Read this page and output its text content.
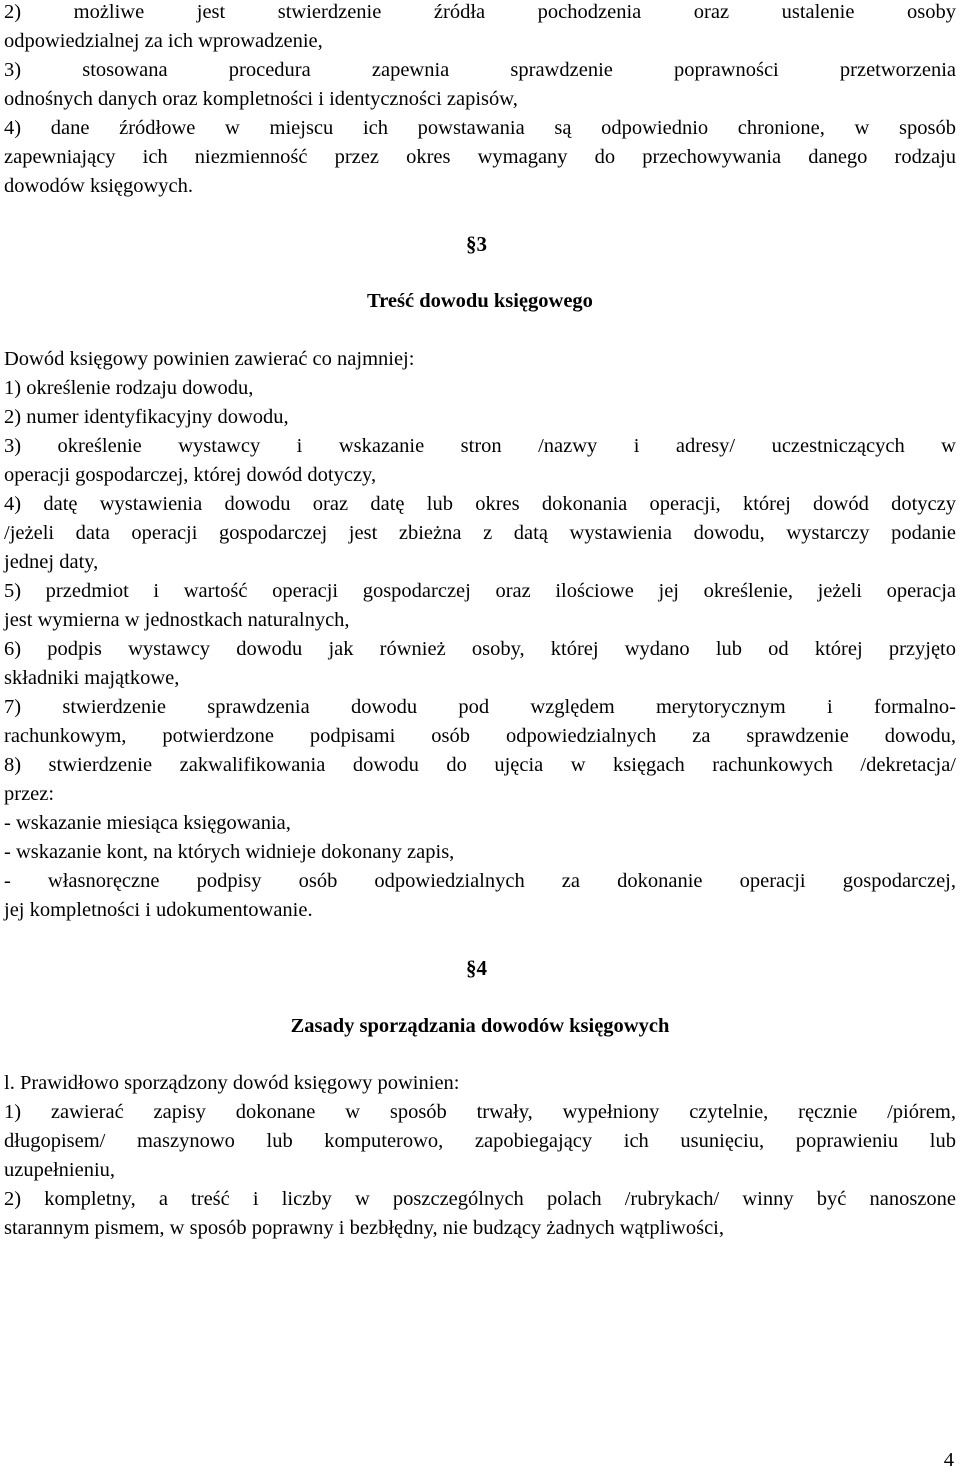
2) możliwe jest stwierdzenie źródła pochodzenia oraz ustalenie osoby
odpowiedzialnej za ich wprowadzenie,
3) stosowana procedura zapewnia sprawdzenie poprawności przetworzenia
odnośnych danych oraz kompletności i identyczności zapisów,
4) dane źródłowe w miejscu ich powstawania są odpowiednio chronione, w sposób
zapewniający ich niezmienność przez okres wymagany do przechowywania danego rodzaju
dowodów księgowych.
§3
Treść dowodu księgowego
Dowód księgowy powinien zawierać co najmniej:
1) określenie rodzaju dowodu,
2) numer identyfikacyjny dowodu,
3) określenie wystawcy i wskazanie stron /nazwy i adresy/ uczestniczących w
operacji gospodarczej, której dowód dotyczy,
4) datę wystawienia dowodu oraz datę lub okres dokonania operacji, której dowód dotyczy
/jeżeli data operacji gospodarczej jest zbieżna z datą wystawienia dowodu, wystarczy podanie
jednej daty,
5) przedmiot i wartość operacji gospodarczej oraz ilościowe jej określenie, jeżeli operacja
jest wymierna w jednostkach naturalnych,
6) podpis wystawcy dowodu jak również osoby, której wydano lub od której przyjęto
składniki majątkowe,
7) stwierdzenie sprawdzenia dowodu pod względem merytorycznym i formalno-
rachunkowym, potwierdzone podpisami osób odpowiedzialnych za sprawdzenie dowodu,
8) stwierdzenie zakwalifikowania dowodu do ujęcia w księgach rachunkowych /dekretacja/
przez:
- wskazanie miesiąca księgowania,
- wskazanie kont, na których widnieje dokonany zapis,
- własnoręczne podpisy osób odpowiedzialnych za dokonanie operacji gospodarczej,
jej kompletności i udokumentowanie.
§4
Zasady sporządzania dowodów księgowych
l. Prawidłowo sporządzony dowód księgowy powinien:
1) zawierać zapisy dokonane w sposób trwały, wypełniony czytelnie, ręcznie /piórem,
długopisem/ maszynowo lub komputerowo, zapobiegający ich usunięciu, poprawieniu lub
uzupełnieniu,
2) kompletny, a treść i liczby w poszczególnych polach /rubrykach/ winny być nanoszone
starannym pismem, w sposób poprawny i bezbłędny, nie budzący żadnych wątpliwości,
4
